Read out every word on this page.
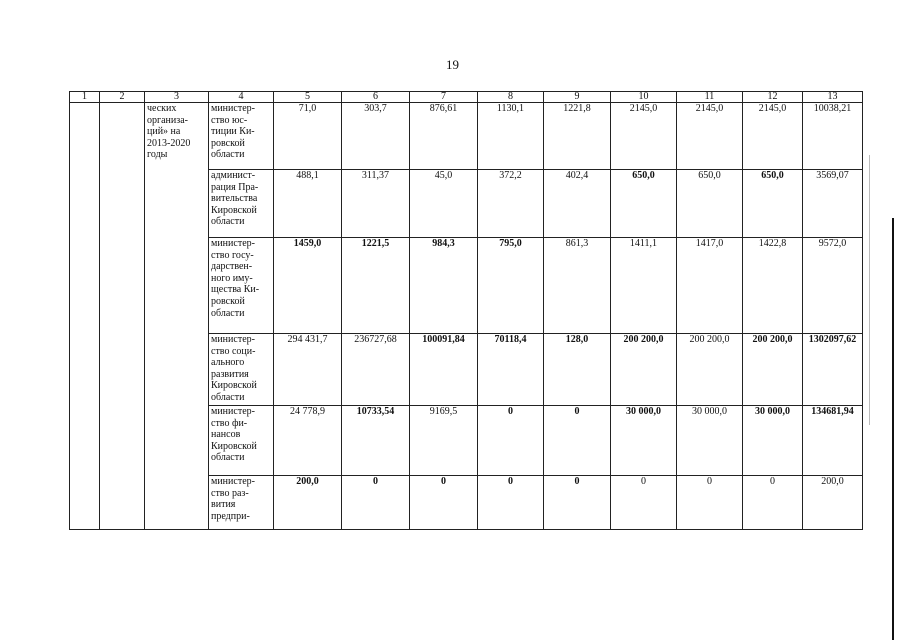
19
1	2	3	4	5	6	7	8	9	10	11	12	13
		ческих организа-ций» на 2013-2020 годы	министер-ство юс-тиции Ки-ровской области	71,0	303,7	876,61	1130,1	1221,8	2145,0	2145,0	2145,0	10038,21
			админист-рация Пра-вительства Кировской области	488,1	311,37	45,0	372,2	402,4	650,0	650,0	650,0	3569,07
			министер-ство госу-дарствен-ного иму-щества Ки-ровской области	1459,0	1221,5	984,3	795,0	861,3	1411,1	1417,0	1422,8	9572,0
			министер-ство соци-ального развития Кировской области	294 431,7	236727,68	100091,84	70118,4	128,0	200 200,0	200 200,0	200 200,0	1302097,62
			министер-ство фи-нансов Кировской области	24 778,9	10733,54	9169,5	0	0	30 000,0	30 000,0	30 000,0	134681,94
			министер-ство раз-вития предпри-	200,0	0	0	0	0	0	0	0	200,0
